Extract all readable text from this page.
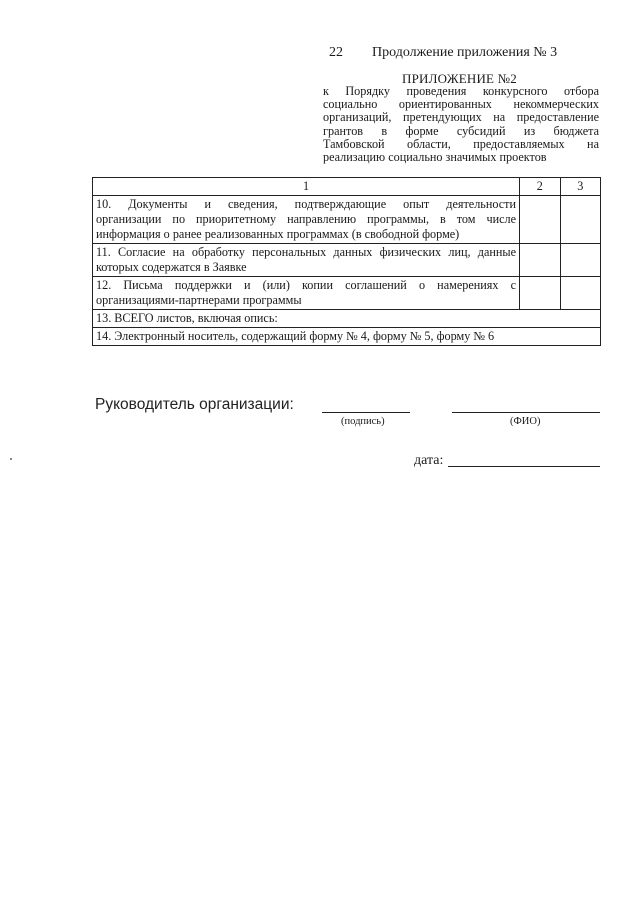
22 Продолжение приложения № 3
ПРИЛОЖЕНИЕ №2
к Порядку проведения конкурсного отбора
социально ориентированных некоммерческих
организаций, претендующих на предоставление
грантов в форме субсидий из бюджета
Тамбовской области, предоставляемых на
реализацию социально значимых проектов
1	2	3

10. Документы и сведения, подтверждающие опыт деятельности
организации по приоритетному направлению программы, в том числе
информация о ранее реализованных программах (в свободной форме)		

11. Согласие на обработку персональных данных физических лиц, данные
которых содержатся в Заявке		

12. Письма поддержки и (или) копии соглашений о намерениях с
организациями-партнерами программы		

13. ВСЕГО листов, включая опись:		
14. Электронный носитель, содержащий форму № 4, форму № 5, форму № 6		
Руководитель организации:
(подпись)	(ФИО)
дата:
